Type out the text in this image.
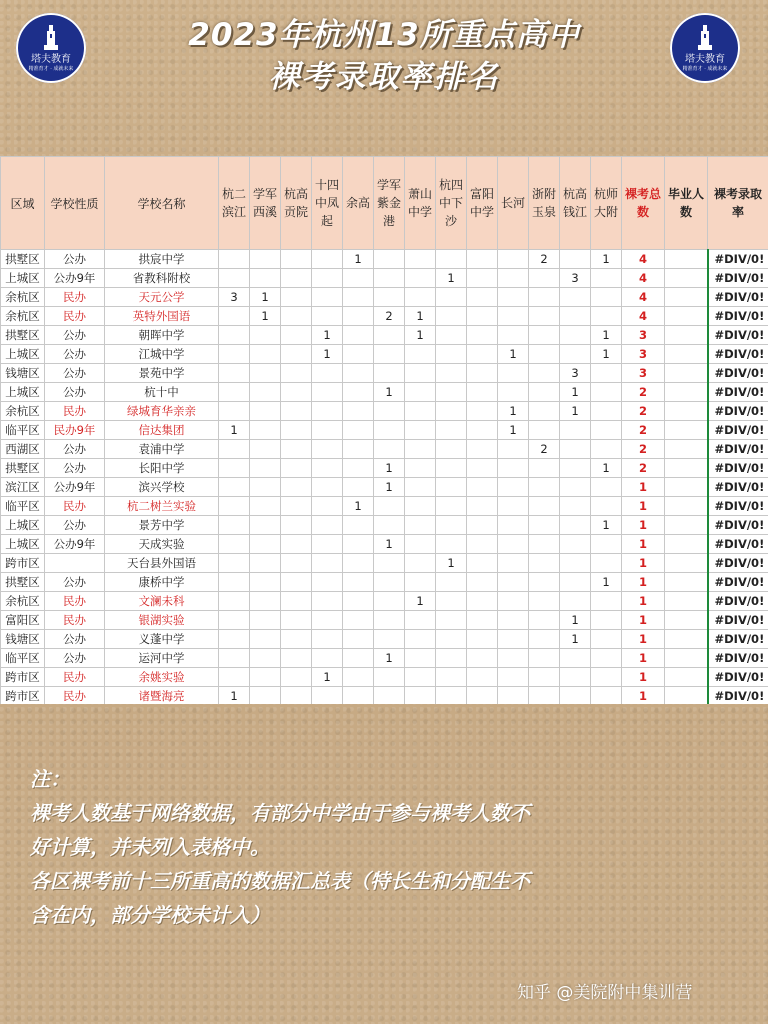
塔夫教育
精准育才 · 成就未来
塔夫教育
精准育才 · 成就未来
2023年杭州13所重点高中
裸考录取率排名
区域	学校性质	学校名称	杭二滨江	学军西溪	杭高贡院	十四中凤起	余高	学军紫金港	萧山中学	杭四中下沙	富阳中学	长河	浙附玉泉	杭高钱江	杭师大附	裸考总数	毕业人数	裸考录取率
拱墅区	公办	拱宸中学					1						2		1	4		#DIV/0!
上城区	公办9年	省教科附校								1				3		4		#DIV/0!
余杭区	民办	天元公学	3	1												4		#DIV/0!
余杭区	民办	英特外国语		1				2	1							4		#DIV/0!
拱墅区	公办	朝晖中学				1			1						1	3		#DIV/0!
上城区	公办	江城中学				1						1			1	3		#DIV/0!
钱塘区	公办	景苑中学												3		3		#DIV/0!
上城区	公办	杭十中						1						1		2		#DIV/0!
余杭区	民办	绿城育华亲亲										1		1		2		#DIV/0!
临平区	民办9年	信达集团	1									1				2		#DIV/0!
西湖区	公办	袁浦中学											2			2		#DIV/0!
拱墅区	公办	长阳中学						1							1	2		#DIV/0!
滨江区	公办9年	滨兴学校						1								1		#DIV/0!
临平区	民办	杭二树兰实验					1									1		#DIV/0!
上城区	公办	景芳中学													1	1		#DIV/0!
上城区	公办9年	天成实验						1								1		#DIV/0!
跨市区		天台县外国语								1						1		#DIV/0!
拱墅区	公办	康桥中学													1	1		#DIV/0!
余杭区	民办	文澜未科							1							1		#DIV/0!
富阳区	民办	银湖实验												1		1		#DIV/0!
钱塘区	公办	义蓬中学												1		1		#DIV/0!
临平区	公办	运河中学						1								1		#DIV/0!
跨市区	民办	余姚实验				1										1		#DIV/0!
跨市区	民办	诸暨海亮	1													1		#DIV/0!

注：

裸考人数基于网络数据，有部分中学由于参与裸考人数不

好计算，并未列入表格中。

各区裸考前十三所重高的数据汇总表（特长生和分配生不

含在内，部分学校未计入）

知乎 @美院附中集训营
